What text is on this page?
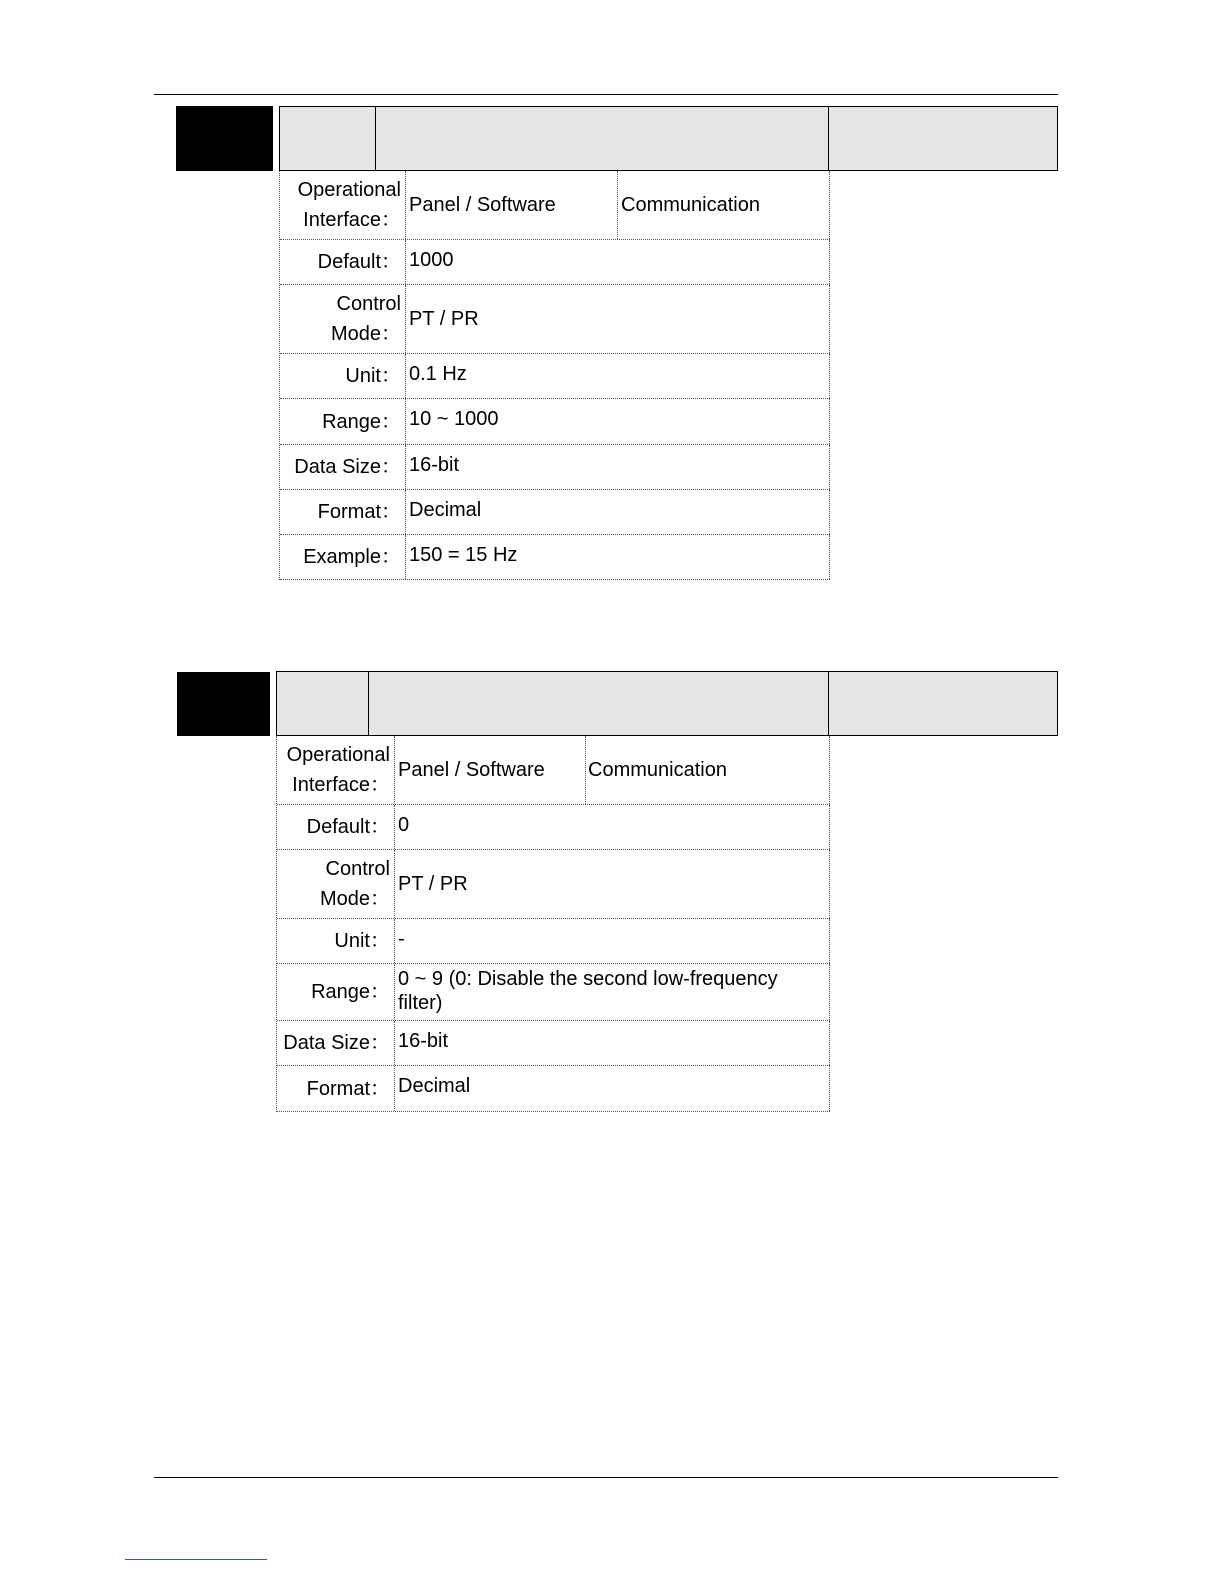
Operational
Interface：
Panel / Software	Communication
Default： 1000
Control
Mode：
PT / PR
Unit： 0.1 Hz
Range： 10 ~ 1000
Data Size： 16-bit
Format： Decimal
Example： 150 = 15 Hz
Operational
Interface：
Panel / Software	Communication
Default： 0
Control
Mode：
PT / PR
Unit： -
Range：
0 ~ 9 (0: Disable the second low-frequency filter)
Data Size： 16-bit
Format： Decimal
